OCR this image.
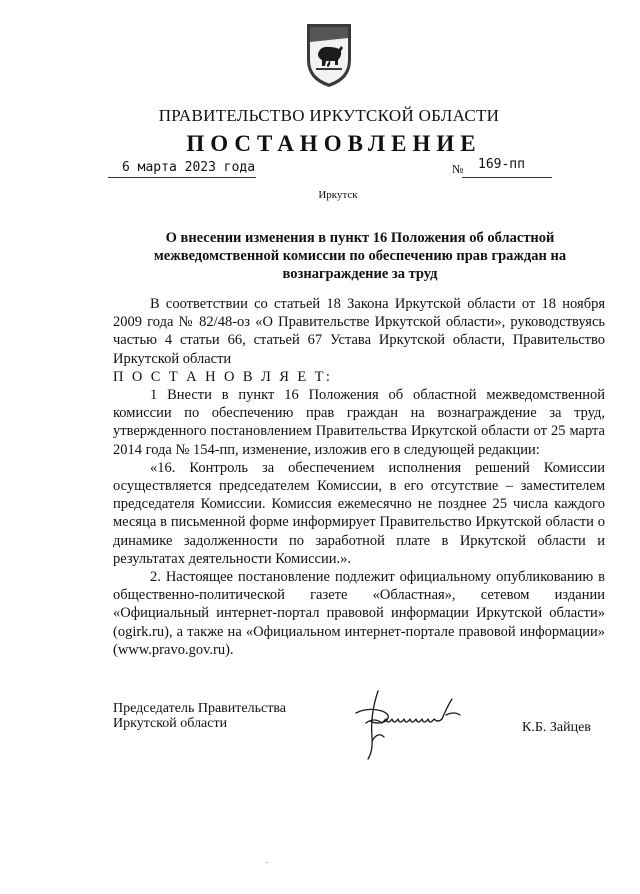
ПРАВИТЕЛЬСТВО ИРКУТСКОЙ ОБЛАСТИ
ПОСТАНОВЛЕНИЕ
6 марта 2023 года	№ 169-пп
Иркутск
О внесении изменения в пункт 16 Положения об областной межведомственной комиссии по обеспечению прав граждан на вознаграждение за труд

В соответствии со статьей 18 Закона Иркутской области от 18 ноября 2009 года № 82/48-оз «О Правительстве Иркутской области», руководствуясь частью 4 статьи 66, статьей 67 Устава Иркутской области, Правительство Иркутской области

П О С Т А Н О В Л Я Е Т:

1 Внести в пункт 16 Положения об областной межведомственной комиссии по обеспечению прав граждан на вознаграждение за труд, утвержденного постановлением Правительства Иркутской области от 25 марта 2014 года № 154-пп, изменение, изложив его в следующей редакции:

«16. Контроль за обеспечением исполнения решений Комиссии осуществляется председателем Комиссии, в его отсутствие – заместителем председателя Комиссии. Комиссия ежемесячно не позднее 25 числа каждого месяца в письменной форме информирует Правительство Иркутской области о динамике задолженности по заработной плате в Иркутской области и результатах деятельности Комиссии.».

2. Настоящее постановление подлежит официальному опубликованию в общественно-политической газете «Областная», сетевом издании «Официальный интернет-портал правовой информации Иркутской области» (ogirk.ru), а также на «Официальном интернет-портале правовой информации» (www.pravo.gov.ru).

Председатель Правительства
Иркутской области	К.Б. Зайцев
